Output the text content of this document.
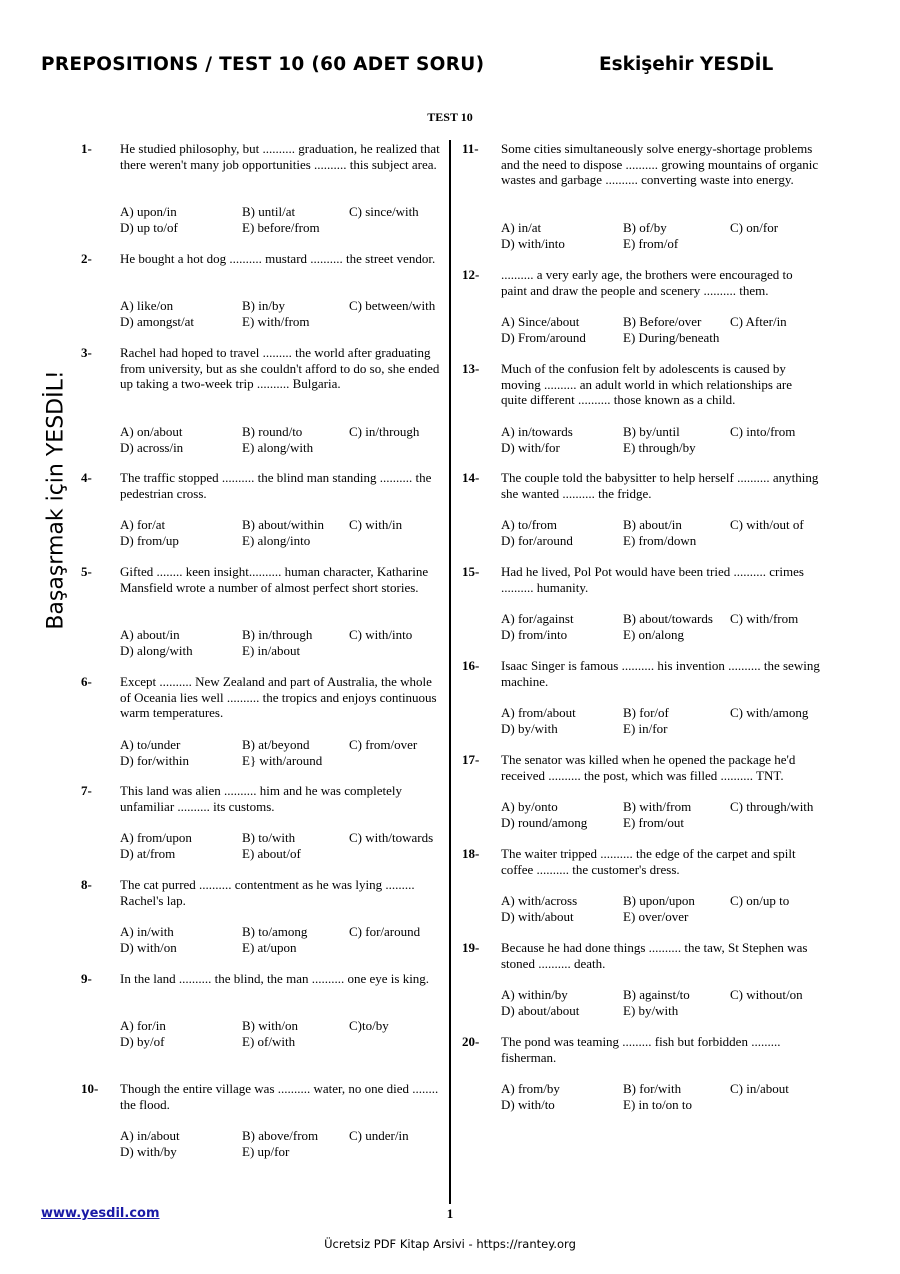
PREPOSITIONS / TEST 10 (60 ADET SORU)	Eskişehir YESDİL
TEST 10
Başaşrmak için YESDİL!
1- He studied philosophy, but .......... graduation, he realized that there weren't many job opportunities .......... this subject area.
A) upon/in	B) until/at	C) since/with
D) up to/of	E) before/from
2- He bought a hot dog .......... mustard .......... the street vendor.
A) like/on	B) in/by	C) between/with
D) amongst/at	E) with/from
3- Rachel had hoped to travel ......... the world after graduating from university, but as she couldn't afford to do so, she ended up taking a two-week trip .......... Bulgaria.
A) on/about	B) round/to	C) in/through
D) across/in	E) along/with
4- The traffic stopped .......... the blind man standing .......... the pedestrian cross.
A) for/at	B) about/within C) with/in
D) from/up	E) along/into
5- Gifted ........ keen insight.......... human character, Katharine Mansfield wrote a number of almost perfect short stories.
A) about/in	B) in/through	C) with/into
D) along/with	E) in/about
6- Except .......... New Zealand and part of Australia, the whole of Oceania lies well .......... the tropics and enjoys continuous warm temperatures.
A) to/under	B) at/beyond	C) from/over
D) for/within	E} with/around
7- This land was alien .......... him and he was completely unfamiliar .......... its customs.
A) from/upon	B) to/with	C) with/towards
D) at/from	E) about/of
8- The cat purred .......... contentment as he was lying ......... Rachel's lap.
A) in/with	B) to/among	C) for/around
D) with/on	E) at/upon
9- In the land .......... the blind, the man .......... one eye is king.
A) for/in	B) with/on	C)to/by
D) by/of	E) of/with
10- Though the entire village was .......... water, no one died ........ the flood.
A) in/about	B) above/from C) under/in
D) with/by	E) up/for
11- Some cities simultaneously solve energy-shortage problems and the need to dispose .......... growing mountains of organic wastes and garbage .......... converting waste into energy.
A) in/at	B) of/by	C) on/for
D) with/into	E) from/of
12- .......... a very early age, the brothers were encouraged to paint and draw the people and scenery .......... them.
A) Since/about	B) Before/over C) After/in
D) From/around	E) During/beneath
13- Much of the confusion felt by adolescents is caused by moving .......... an adult world in which relationships are quite different .......... those known as a child.
A) in/towards	B) by/until	C) into/from
D) with/for	E) through/by
14- The couple told the babysitter to help herself .......... anything she wanted .......... the fridge.
A) to/from	B) about/in	C) with/out of
D) for/around	E) from/down
15- Had he lived, Pol Pot would have been tried .......... crimes .......... humanity.
A) for/against	B) about/towards C) with/from
D) from/into	E) on/along
16- Isaac Singer is famous .......... his invention .......... the sewing machine.
A) from/about	B) for/of	C) with/among
D) by/with	E) in/for
17- The senator was killed when he opened the package he'd received .......... the post, which was filled .......... TNT.
A) by/onto	B) with/from	C) through/with
D) round/among	E) from/out
18- The waiter tripped .......... the edge of the carpet and spilt coffee .......... the customer's dress.
A) with/across	B) upon/upon	C) on/up to
D) with/about	E) over/over
19- Because he had done things .......... the taw, St Stephen was stoned .......... death.
A) within/by	B) against/to	C) without/on
D) about/about	E) by/with
20- The pond was teaming ......... fish but forbidden ......... fisherman.
A) from/by	B) for/with	C) in/about
D) with/to	E) in to/on to
www.yesdil.com	1
Ücretsiz PDF Kitap Arsivi - https://rantey.org
